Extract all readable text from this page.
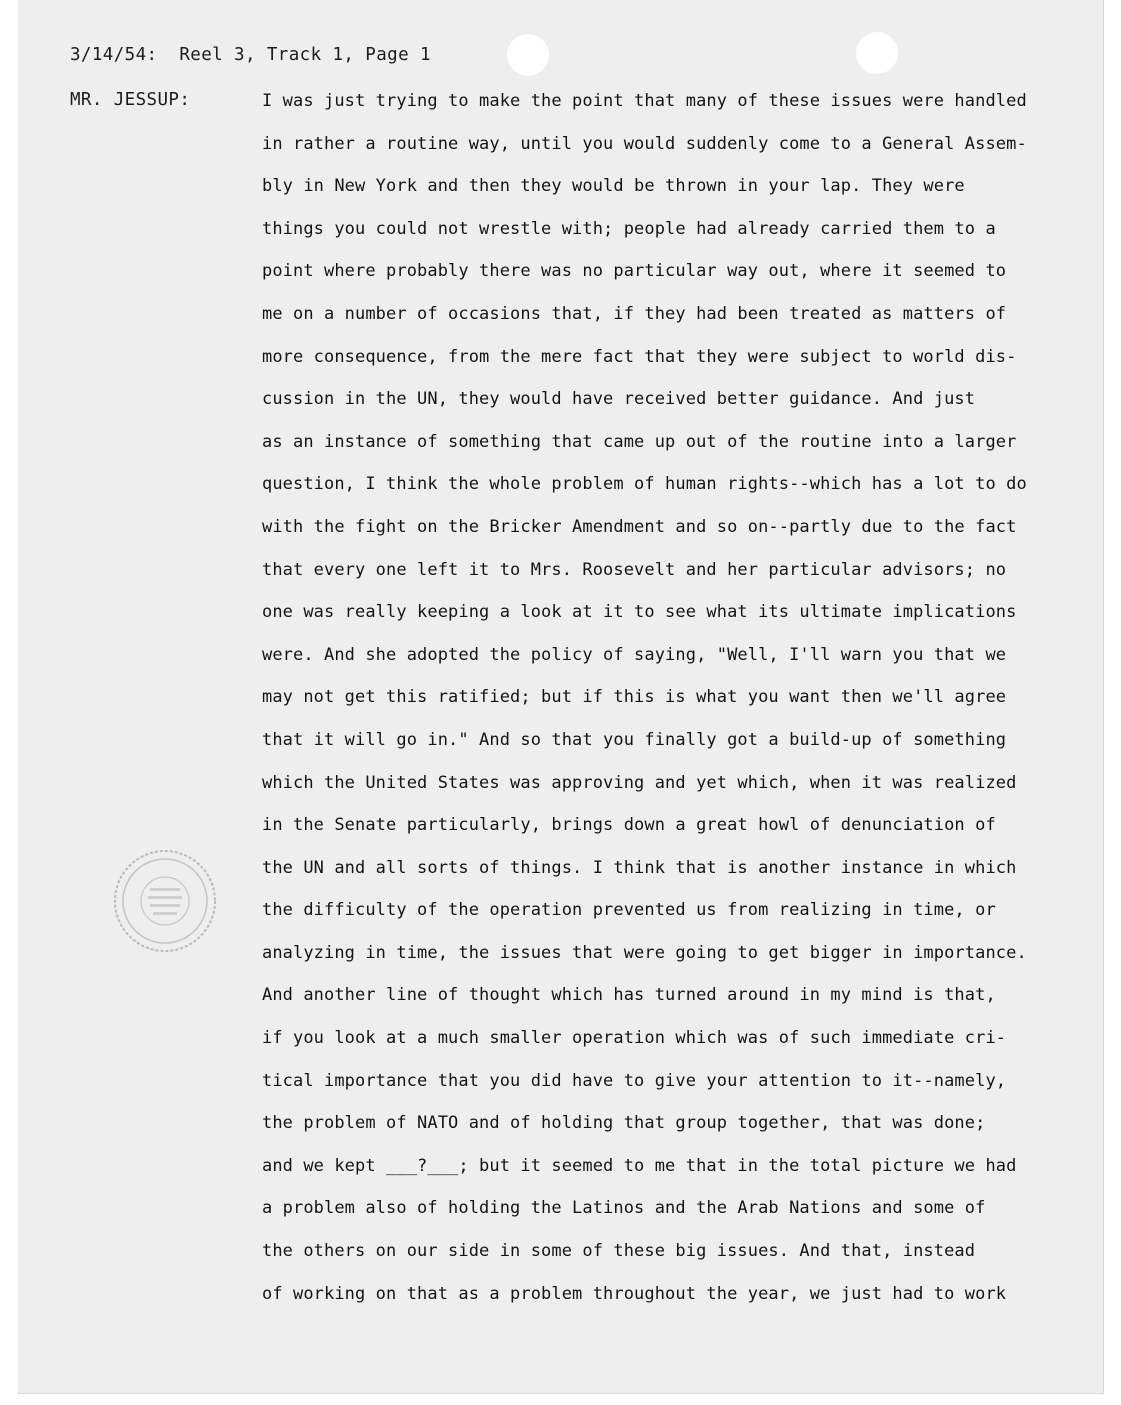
3/14/54: Reel 3, Track 1, Page 1
MR. JESSUP:	I was just trying to make the point that many of these issues were handled
in rather a routine way, until you would suddenly come to a General Assem-
bly in New York and then they would be thrown in your lap. They were
things you could not wrestle with; people had already carried them to a
point where probably there was no particular way out, where it seemed to
me on a number of occasions that, if they had been treated as matters of
more consequence, from the mere fact that they were subject to world dis-
cussion in the UN, they would have received better guidance. And just
as an instance of something that came up out of the routine into a larger
question, I think the whole problem of human rights--which has a lot to do
with the fight on the Bricker Amendment and so on--partly due to the fact
that every one left it to Mrs. Roosevelt and her particular advisors; no
one was really keeping a look at it to see what its ultimate implications
were. And she adopted the policy of saying, "Well, I'll warn you that we
may not get this ratified; but if this is what you want then we'll agree
that it will go in." And so that you finally got a build-up of something
which the United States was approving and yet which, when it was realized
in the Senate particularly, brings down a great howl of denunciation of
the UN and all sorts of things. I think that is another instance in which
the difficulty of the operation prevented us from realizing in time, or
analyzing in time, the issues that were going to get bigger in importance.
And another line of thought which has turned around in my mind is that,
if you look at a much smaller operation which was of such immediate cri-
tical importance that you did have to give your attention to it--namely,
the problem of NATO and of holding that group together, that was done;
and we kept ___?___; but it seemed to me that in the total picture we had
a problem also of holding the Latinos and the Arab Nations and some of
the others on our side in some of these big issues. And that, instead
of working on that as a problem throughout the year, we just had to work
